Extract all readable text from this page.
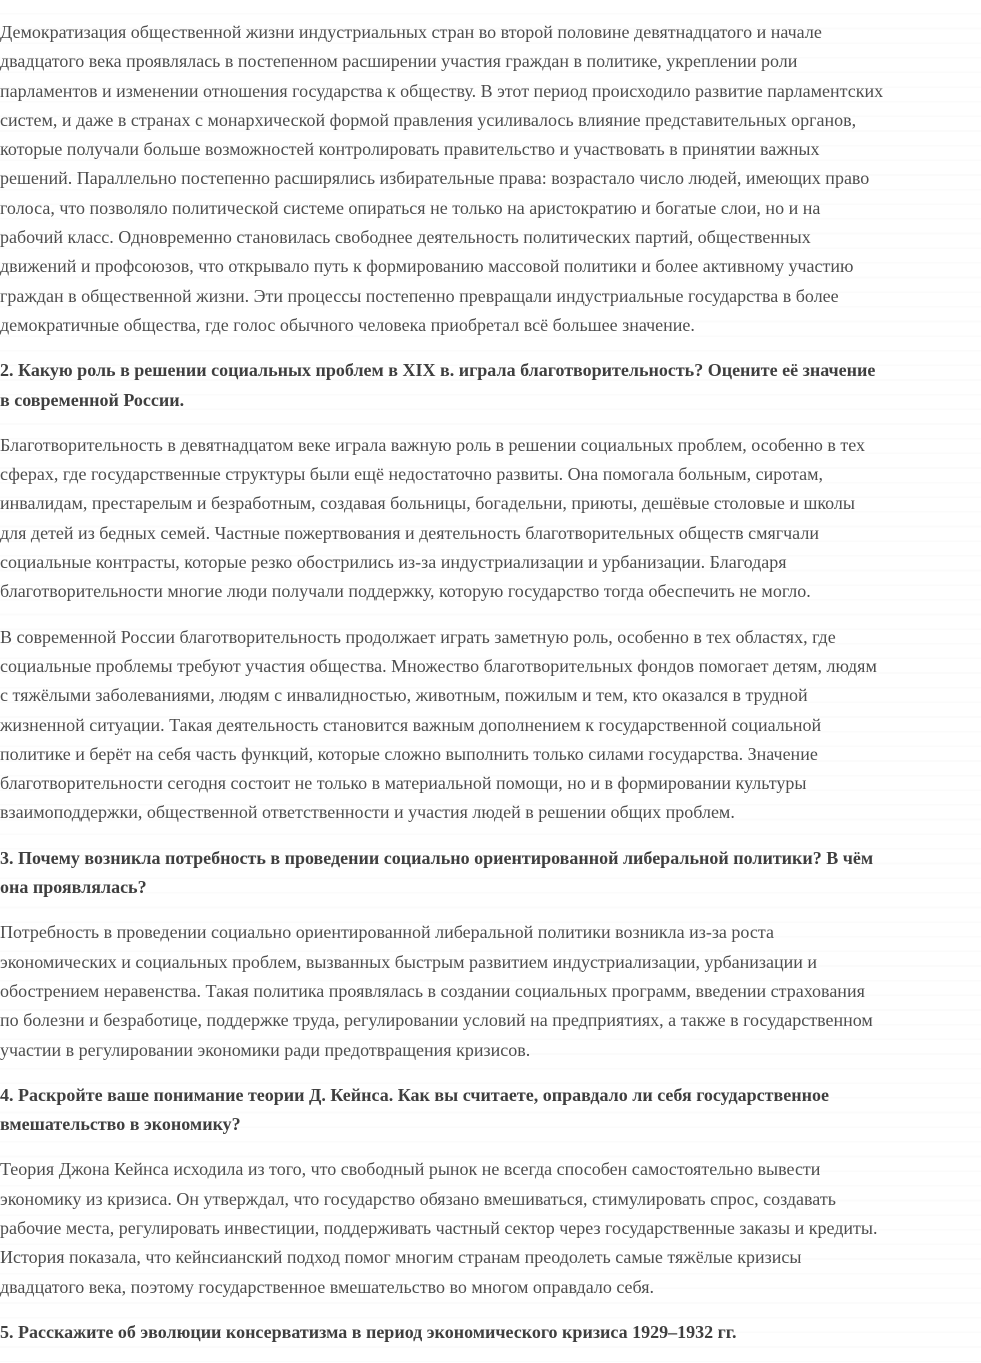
Демократизация общественной жизни индустриальных стран во второй половине девятнадцатого и начале
двадцатого века проявлялась в постепенном расширении участия граждан в политике, укреплении роли
парламентов и изменении отношения государства к обществу. В этот период происходило развитие парламентских
систем, и даже в странах с монархической формой правления усиливалось влияние представительных органов,
которые получали больше возможностей контролировать правительство и участвовать в принятии важных
решений. Параллельно постепенно расширялись избирательные права: возрастало число людей, имеющих право
голоса, что позволяло политической системе опираться не только на аристократию и богатые слои, но и на
рабочий класс. Одновременно становилась свободнее деятельность политических партий, общественных
движений и профсоюзов, что открывало путь к формированию массовой политики и более активному участию
граждан в общественной жизни. Эти процессы постепенно превращали индустриальные государства в более
демократичные общества, где голос обычного человека приобретал всё большее значение.
2. Какую роль в решении социальных проблем в XIX в. играла благотворительность? Оцените её значение
в современной России.
Благотворительность в девятнадцатом веке играла важную роль в решении социальных проблем, особенно в тех
сферах, где государственные структуры были ещё недостаточно развиты. Она помогала больным, сиротам,
инвалидам, престарелым и безработным, создавая больницы, богадельни, приюты, дешёвые столовые и школы
для детей из бедных семей. Частные пожертвования и деятельность благотворительных обществ смягчали
социальные контрасты, которые резко обострились из-за индустриализации и урбанизации. Благодаря
благотворительности многие люди получали поддержку, которую государство тогда обеспечить не могло.
В современной России благотворительность продолжает играть заметную роль, особенно в тех областях, где
социальные проблемы требуют участия общества. Множество благотворительных фондов помогает детям, людям
с тяжёлыми заболеваниями, людям с инвалидностью, животным, пожилым и тем, кто оказался в трудной
жизненной ситуации. Такая деятельность становится важным дополнением к государственной социальной
политике и берёт на себя часть функций, которые сложно выполнить только силами государства. Значение
благотворительности сегодня состоит не только в материальной помощи, но и в формировании культуры
взаимоподдержки, общественной ответственности и участия людей в решении общих проблем.
3. Почему возникла потребность в проведении социально ориентированной либеральной политики? В чём
она проявлялась?
Потребность в проведении социально ориентированной либеральной политики возникла из-за роста
экономических и социальных проблем, вызванных быстрым развитием индустриализации, урбанизации и
обострением неравенства. Такая политика проявлялась в создании социальных программ, введении страхования
по болезни и безработице, поддержке труда, регулировании условий на предприятиях, а также в государственном
участии в регулировании экономики ради предотвращения кризисов.
4. Раскройте ваше понимание теории Д. Кейнса. Как вы считаете, оправдало ли себя государственное
вмешательство в экономику?
Теория Джона Кейнса исходила из того, что свободный рынок не всегда способен самостоятельно вывести
экономику из кризиса. Он утверждал, что государство обязано вмешиваться, стимулировать спрос, создавать
рабочие места, регулировать инвестиции, поддерживать частный сектор через государственные заказы и кредиты.
История показала, что кейнсианский подход помог многим странам преодолеть самые тяжёлые кризисы
двадцатого века, поэтому государственное вмешательство во многом оправдало себя.
5. Расскажите об эволюции консерватизма в период экономического кризиса 1929–1932 гг.
